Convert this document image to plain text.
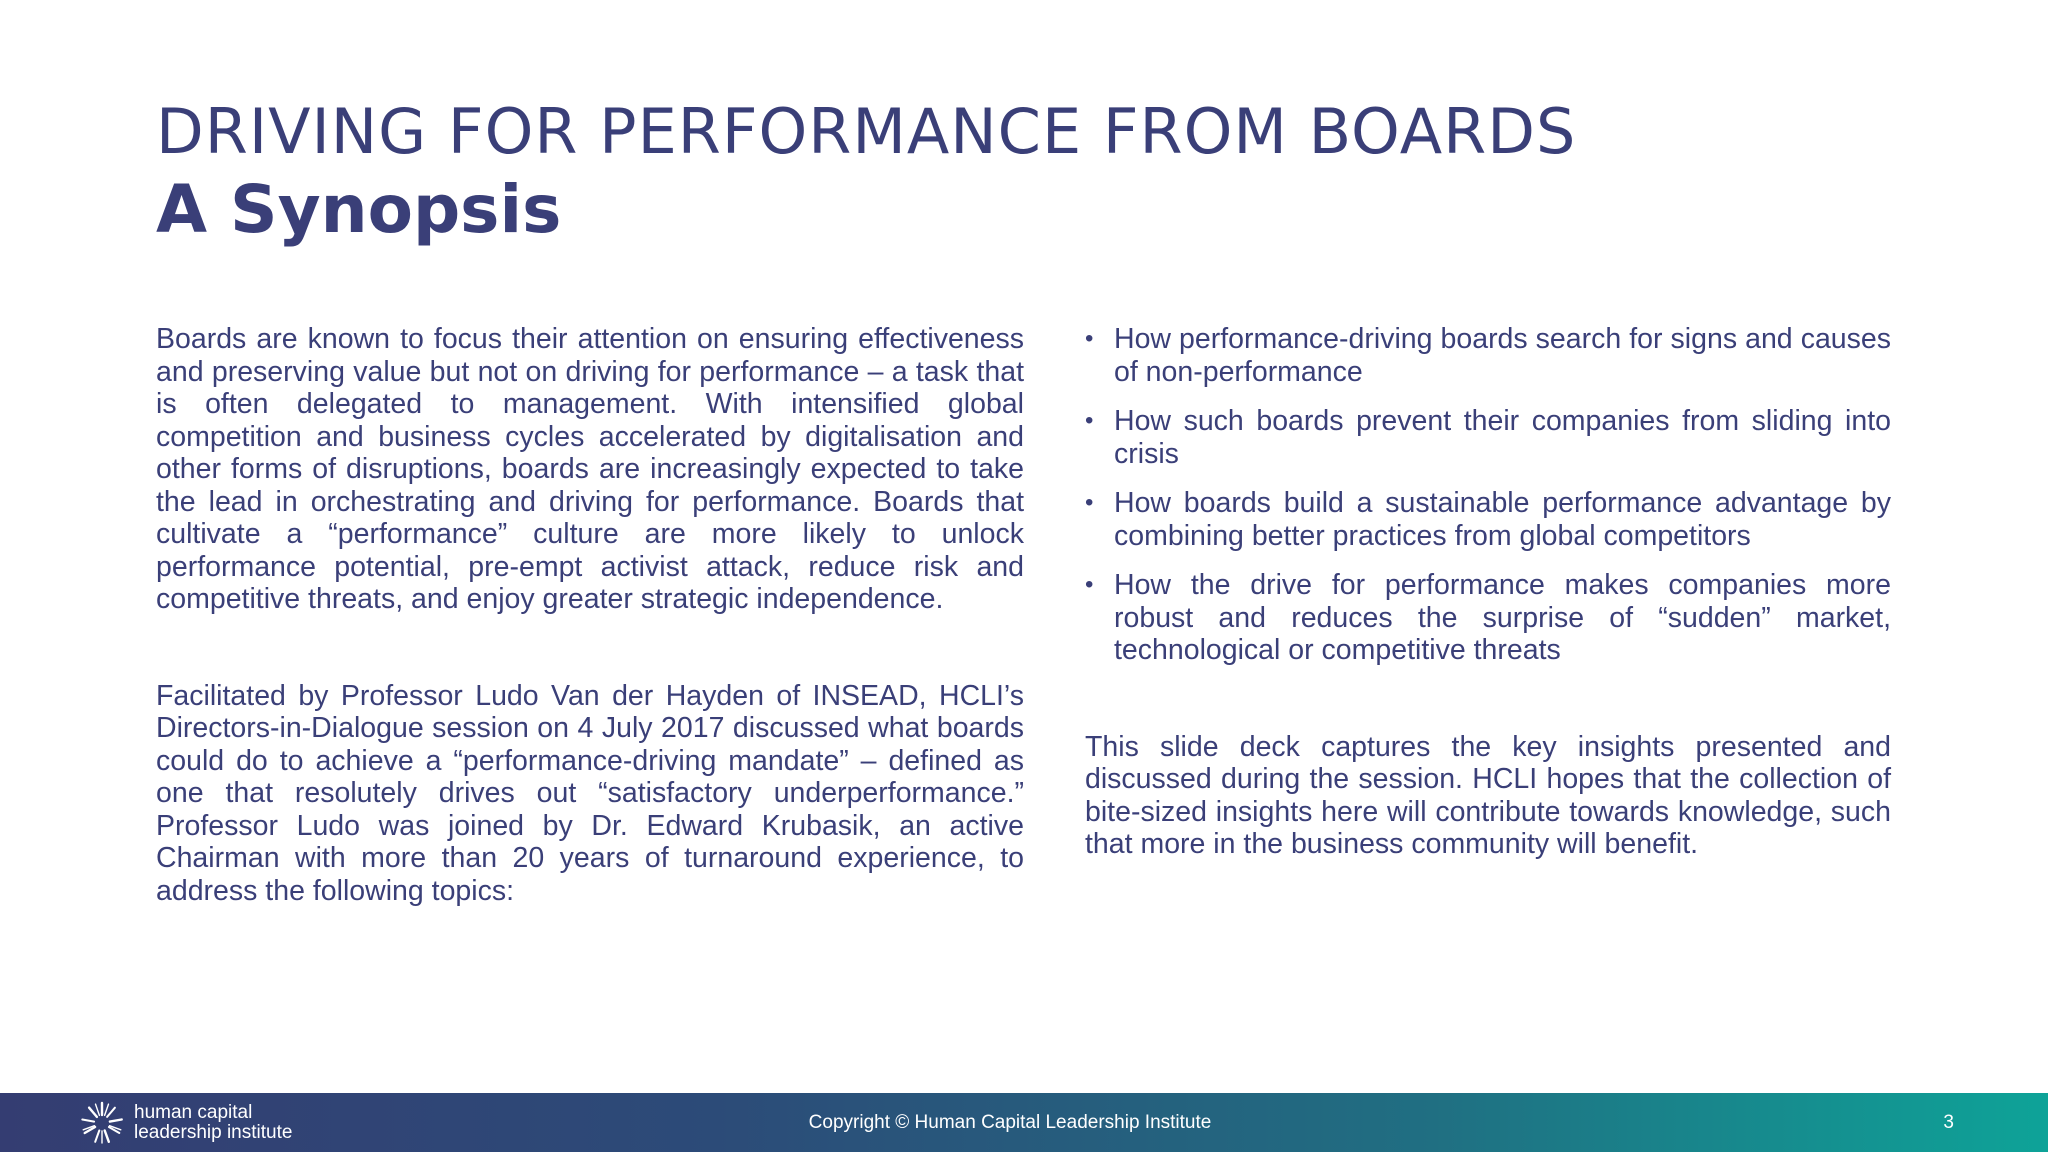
DRIVING FOR PERFORMANCE FROM BOARDS
A Synopsis

Boards are known to focus their attention on ensuring effectiveness and preserving value but not on driving for performance – a task that is often delegated to management. With intensified global competition and business cycles accelerated by digitalisation and other forms of disruptions, boards are increasingly expected to take the lead in orchestrating and driving for performance. Boards that cultivate a “performance” culture are more likely to unlock performance potential, pre-empt activist attack, reduce risk and competitive threats, and enjoy greater strategic independence.

Facilitated by Professor Ludo Van der Hayden of INSEAD, HCLI’s Directors-in-Dialogue session on 4 July 2017 discussed what boards could do to achieve a “performance-driving mandate” – defined as one that resolutely drives out “satisfactory underperformance.” Professor Ludo was joined by Dr. Edward Krubasik, an active Chairman with more than 20 years of turnaround experience, to address the following topics:

• How performance-driving boards search for signs and causes of non-performance
• How such boards prevent their companies from sliding into crisis
• How boards build a sustainable performance advantage by combining better practices from global competitors
• How the drive for performance makes companies more robust and reduces the surprise of “sudden” market, technological or competitive threats

This slide deck captures the key insights presented and discussed during the session. HCLI hopes that the collection of bite-sized insights here will contribute towards knowledge, such that more in the business community will benefit.

human capital
leadership institute	Copyright © Human Capital Leadership Institute	3
